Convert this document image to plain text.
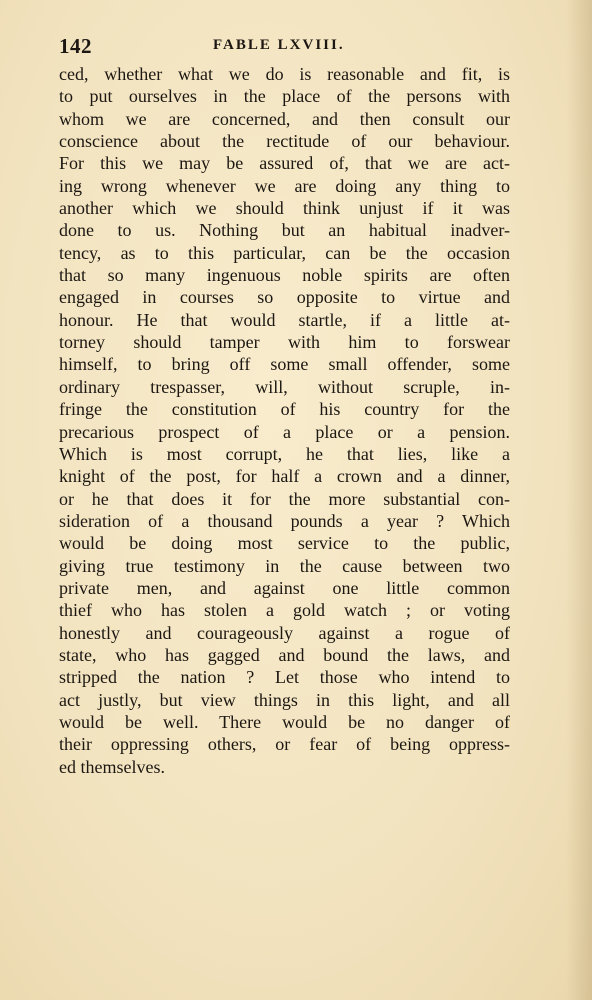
142	FABLE LXVIII.
ced, whether what we do is reasonable and fit, is
to put ourselves in the place of the persons with
whom we are concerned, and then consult our
conscience about the rectitude of our behaviour.
For this we may be assured of, that we are act-
ing wrong whenever we are doing any thing to
another which we should think unjust if it was
done to us. Nothing but an habitual inadver-
tency, as to this particular, can be the occasion
that so many ingenuous noble spirits are often
engaged in courses so opposite to virtue and
honour. He that would startle, if a little at-
torney should tamper with him to forswear
himself, to bring off some small offender, some
ordinary trespasser, will, without scruple, in-
fringe the constitution of his country for the
precarious prospect of a place or a pension.
Which is most corrupt, he that lies, like a
knight of the post, for half a crown and a dinner,
or he that does it for the more substantial con-
sideration of a thousand pounds a year ? Which
would be doing most service to the public,
giving true testimony in the cause between two
private men, and against one little common
thief who has stolen a gold watch ; or voting
honestly and courageously against a rogue of
state, who has gagged and bound the laws, and
stripped the nation ? Let those who intend to
act justly, but view things in this light, and all
would be well. There would be no danger of
their oppressing others, or fear of being oppress-
ed themselves.
